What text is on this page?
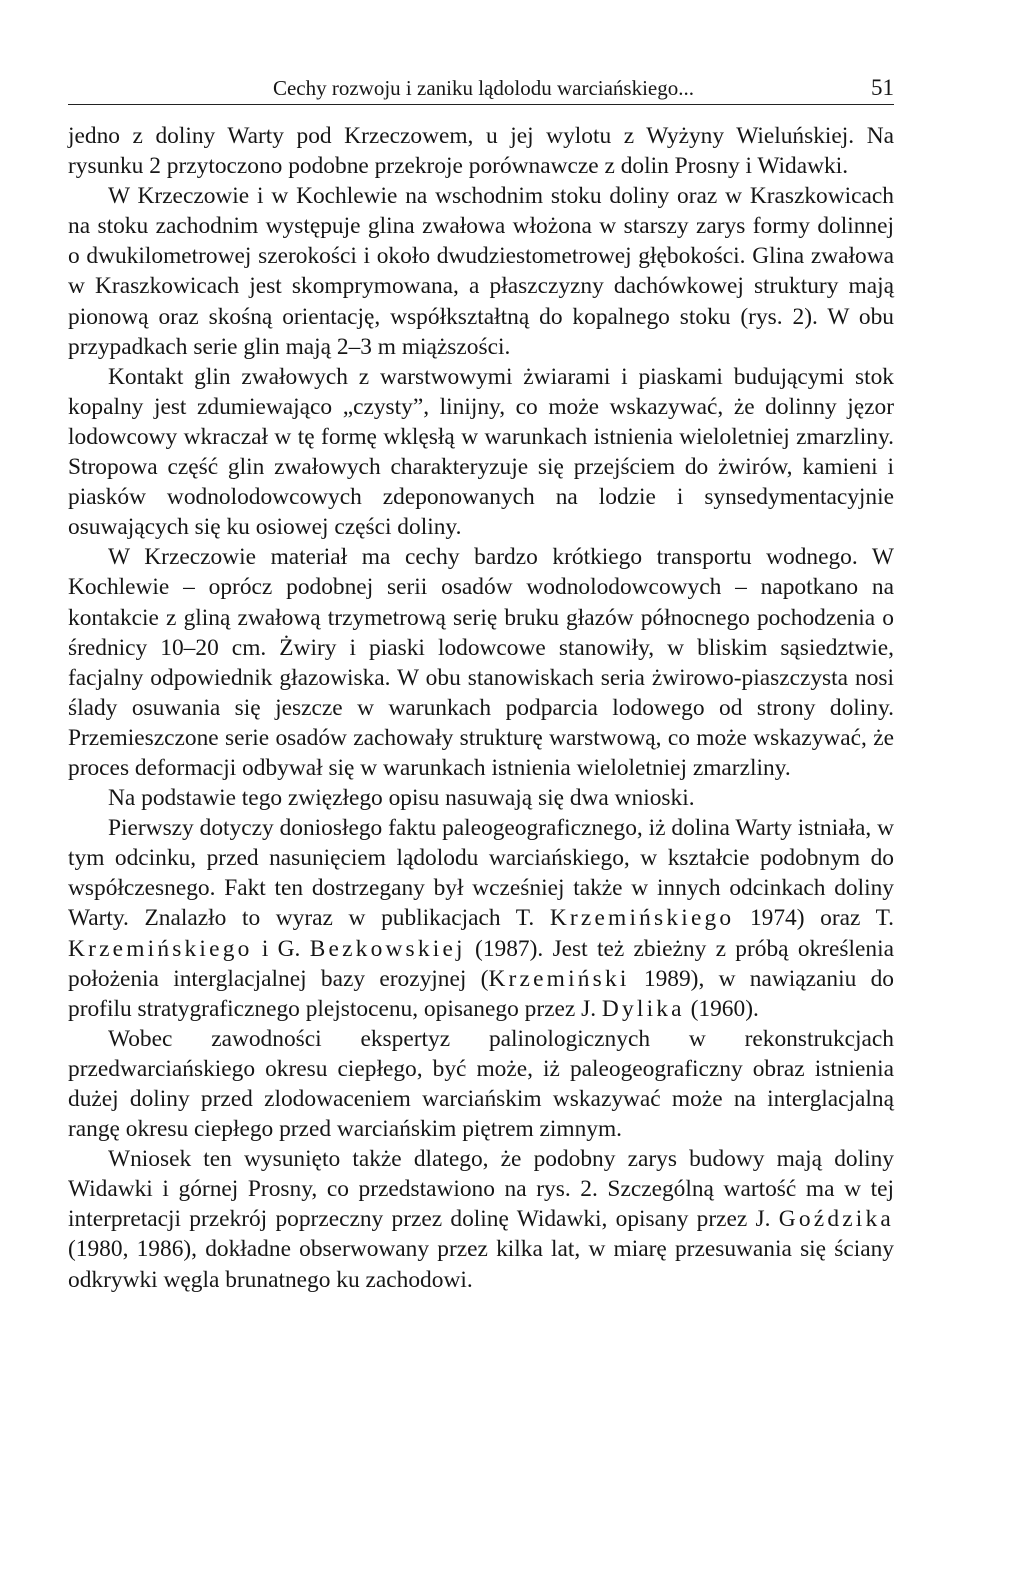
Cechy rozwoju i zaniku lądolodu warciańskiego...	51

jedno z doliny Warty pod Krzeczowem, u jej wylotu z Wyżyny Wieluńskiej. Na rysunku 2 przytoczono podobne przekroje porównawcze z dolin Prosny i Widawki.

W Krzeczowie i w Kochlewie na wschodnim stoku doliny oraz w Kraszkowicach na stoku zachodnim występuje glina zwałowa włożona w starszy zarys formy dolinnej o dwukilometrowej szerokości i około dwudziestometrowej głębokości. Glina zwałowa w Kraszkowicach jest skomprymowana, a płaszczyzny dachówkowej struktury mają pionową oraz skośną orientację, współkształtną do kopalnego stoku (rys. 2). W obu przypadkach serie glin mają 2–3 m miąższości.

Kontakt glin zwałowych z warstwowymi żwiarami i piaskami budującymi stok kopalny jest zdumiewająco „czysty”, linijny, co może wskazywać, że dolinny jęzor lodowcowy wkraczał w tę formę wklęsłą w warunkach istnienia wieloletniej zmarzliny. Stropowa część glin zwałowych charakteryzuje się przejściem do żwirów, kamieni i piasków wodnolodowcowych zdeponowanych na lodzie i synsedymentacyjnie osuwających się ku osiowej części doliny.

W Krzeczowie materiał ma cechy bardzo krótkiego transportu wodnego. W Kochlewie – oprócz podobnej serii osadów wodnolodowcowych – napotkano na kontakcie z gliną zwałową trzymetrową serię bruku głazów północnego pochodzenia o średnicy 10–20 cm. Żwiry i piaski lodowcowe stanowiły, w bliskim sąsiedztwie, facjalny odpowiednik głazowiska. W obu stanowiskach seria żwirowo-piaszczysta nosi ślady osuwania się jeszcze w warunkach podparcia lodowego od strony doliny. Przemieszczone serie osadów zachowały strukturę warstwową, co może wskazywać, że proces deformacji odbywał się w warunkach istnienia wieloletniej zmarzliny.

Na podstawie tego zwięzłego opisu nasuwają się dwa wnioski.

Pierwszy dotyczy doniosłego faktu paleogeograficznego, iż dolina Warty istniała, w tym odcinku, przed nasunięciem lądolodu warciańskiego, w kształcie podobnym do współczesnego. Fakt ten dostrzegany był wcześniej także w innych odcinkach doliny Warty. Znalazło to wyraz w publikacjach T. Krzemińskiego 1974) oraz T. Krzemińskiego i G. Bezkowskiej (1987). Jest też zbieżny z próbą określenia położenia interglacjalnej bazy erozyjnej (Krzemiński 1989), w nawiązaniu do profilu stratygraficznego plejstocenu, opisanego przez J. Dylika (1960).

Wobec zawodności ekspertyz palinologicznych w rekonstrukcjach przedwarciańskiego okresu ciepłego, być może, iż paleogeograficzny obraz istnienia dużej doliny przed zlodowaceniem warciańskim wskazywać może na interglacjalną rangę okresu ciepłego przed warciańskim piętrem zimnym.

Wniosek ten wysunięto także dlatego, że podobny zarys budowy mają doliny Widawki i górnej Prosny, co przedstawiono na rys. 2. Szczególną wartość ma w tej interpretacji przekrój poprzeczny przez dolinę Widawki, opisany przez J. Goździka (1980, 1986), dokładne obserwowany przez kilka lat, w miarę przesuwania się ściany odkrywki węgla brunatnego ku zachodowi.
